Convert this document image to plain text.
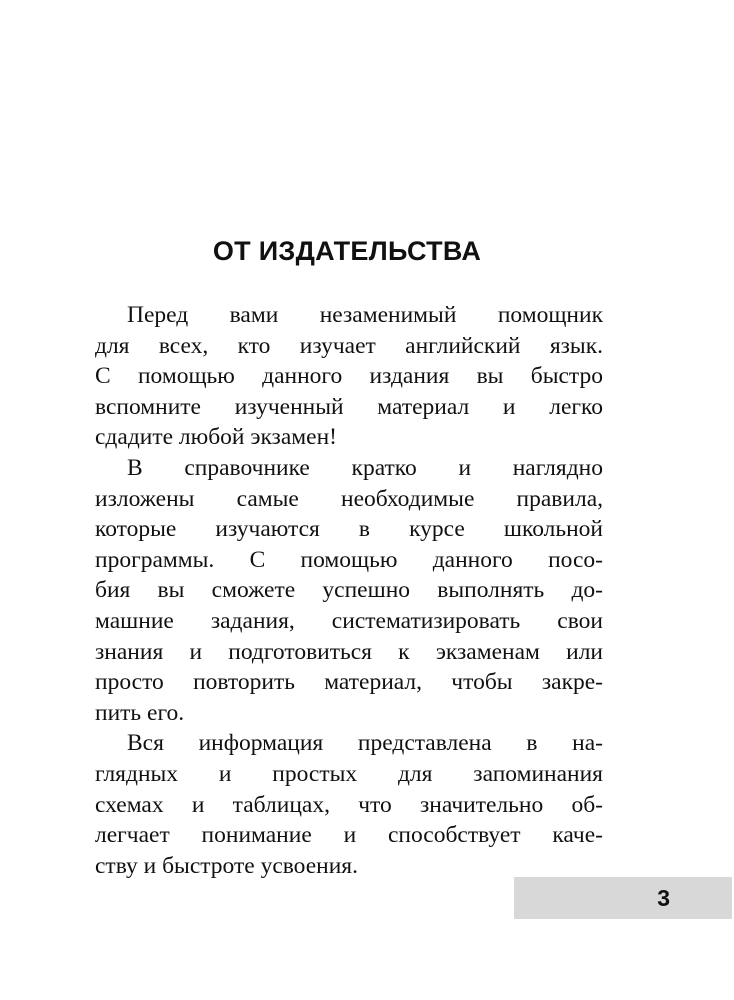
ОТ ИЗДАТЕЛЬСТВА

Перед вами незаменимый помощник
для всех, кто изучает английский язык.
С помощью данного издания вы быстро
вспомните изученный материал и легко
сдадите любой экзамен!

В справочнике кратко и наглядно
изложены самые необходимые правила,
которые изучаются в курсе школьной
программы. С помощью данного посо-
бия вы сможете успешно выполнять до-
машние задания, систематизировать свои
знания и подготовиться к экзаменам или
просто повторить материал, чтобы закре-
пить его.

Вся информация представлена в на-
глядных и простых для запоминания
схемах и таблицах, что значительно об-
легчает понимание и способствует каче-
ству и быстроте усвоения.

3
